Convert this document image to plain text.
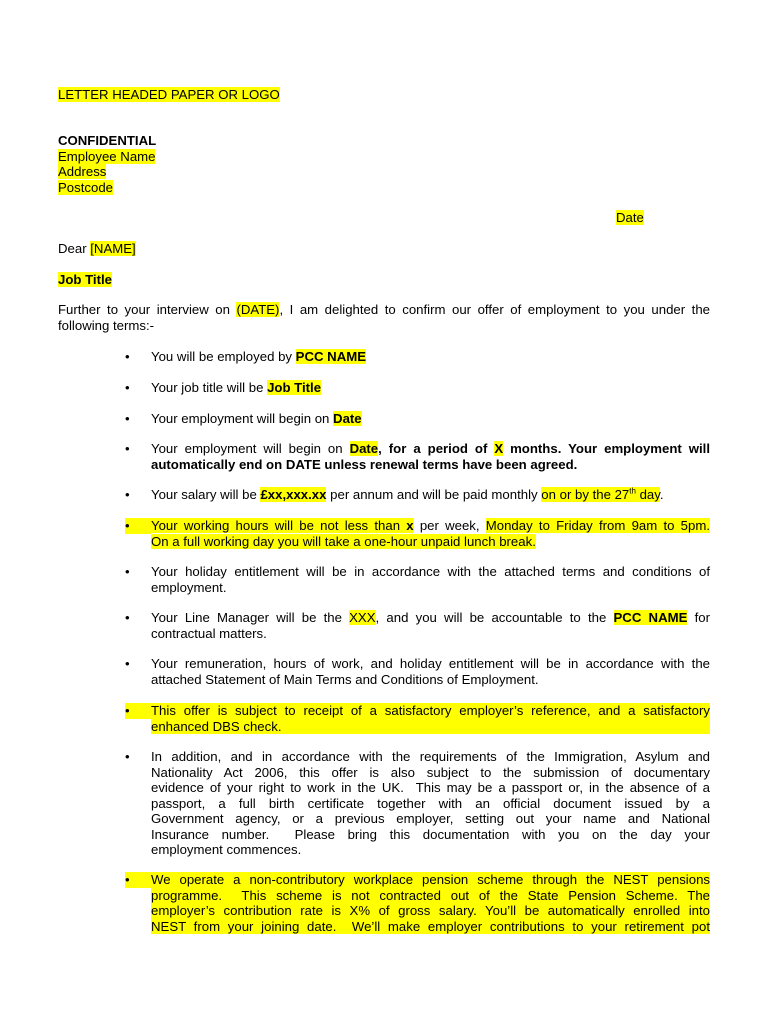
LETTER HEADED PAPER OR LOGO
CONFIDENTIAL
Employee Name
Address
Postcode
Date
Dear [NAME]
Job Title
Further to your interview on (DATE), I am delighted to confirm our offer of employment to you under the
following terms:-
•	You will be employed by PCC NAME
•	Your job title will be Job Title
•	Your employment will begin on Date
•	Your employment will begin on Date, for a period of X months. Your employment will
automatically end on DATE unless renewal terms have been agreed.
•	Your salary will be £xx,xxx.xx per annum and will be paid monthly on or by the 27th day.
•	Your working hours will be not less than x per week, Monday to Friday from 9am to 5pm.
On a full working day you will take a one-hour unpaid lunch break.
•	Your holiday entitlement will be in accordance with the attached terms and conditions of
employment.
•	Your Line Manager will be the XXX, and you will be accountable to the PCC NAME for
contractual matters.
•	Your remuneration, hours of work, and holiday entitlement will be in accordance with the
attached Statement of Main Terms and Conditions of Employment.
•	This offer is subject to receipt of a satisfactory employer’s reference, and a satisfactory
enhanced DBS check.
•	In addition, and in accordance with the requirements of the Immigration, Asylum and
Nationality Act 2006, this offer is also subject to the submission of documentary
evidence of your right to work in the UK.  This may be a passport or, in the absence of a
passport, a full birth certificate together with an official document issued by a
Government agency, or a previous employer, setting out your name and National
Insurance number.  Please bring this documentation with you on the day your
employment commences.
•	We operate a non-contributory workplace pension scheme through the NEST pensions
programme.  This scheme is not contracted out of the State Pension Scheme. The
employer’s contribution rate is X% of gross salary. You’ll be automatically enrolled into
NEST from your joining date.  We’ll make employer contributions to your retirement pot
